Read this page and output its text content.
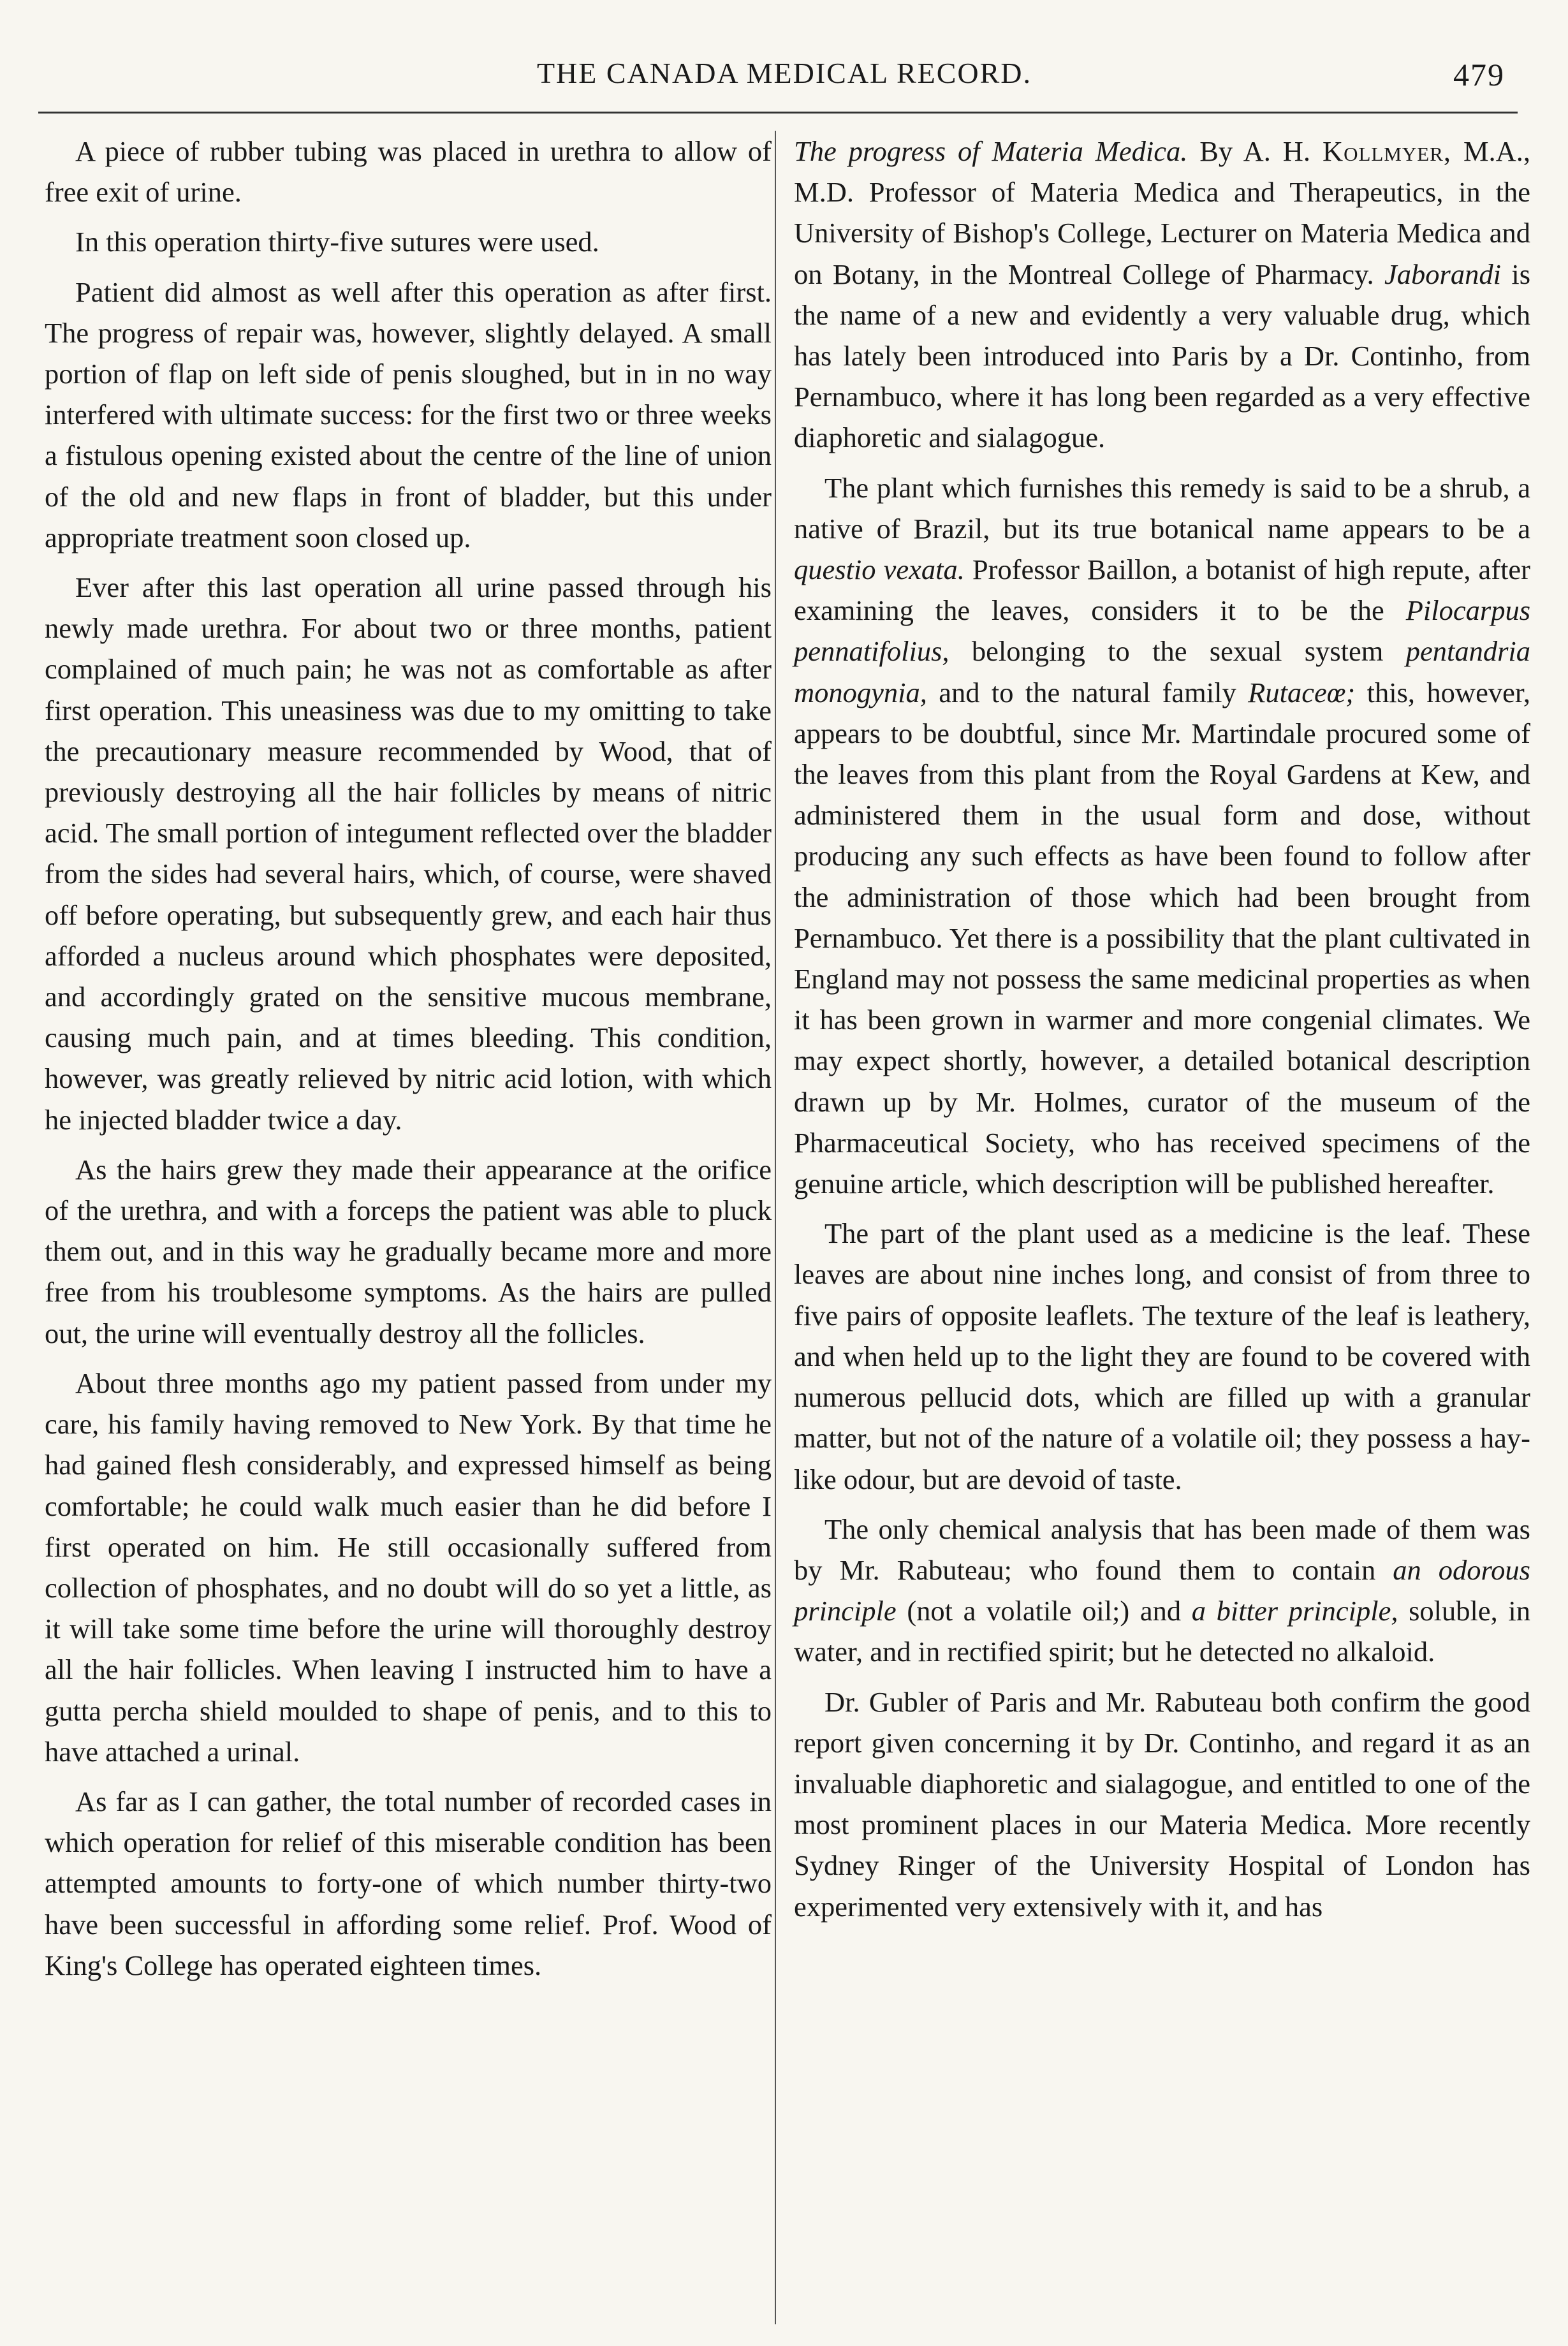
THE CANADA MEDICAL RECORD.	479

A piece of rubber tubing was placed in urethra to allow of free exit of urine.

In this operation thirty-five sutures were used.

Patient did almost as well after this operation as after first. The progress of repair was, however, slightly delayed. A small portion of flap on left side of penis sloughed, but in in no way interfered with ultimate success: for the first two or three weeks a fistulous opening existed about the centre of the line of union of the old and new flaps in front of bladder, but this under appropriate treatment soon closed up.

Ever after this last operation all urine passed through his newly made urethra. For about two or three months, patient complained of much pain; he was not as comfortable as after first operation. This uneasiness was due to my omitting to take the precautionary measure recommended by Wood, that of previously destroying all the hair follicles by means of nitric acid. The small portion of integument reflected over the bladder from the sides had several hairs, which, of course, were shaved off before operating, but subsequently grew, and each hair thus afforded a nucleus around which phosphates were deposited, and accordingly grated on the sensitive mucous membrane, causing much pain, and at times bleeding. This condition, however, was greatly relieved by nitric acid lotion, with which he injected bladder twice a day.

As the hairs grew they made their appearance at the orifice of the urethra, and with a forceps the patient was able to pluck them out, and in this way he gradually became more and more free from his troublesome symptoms. As the hairs are pulled out, the urine will eventually destroy all the follicles.

About three months ago my patient passed from under my care, his family having removed to New York. By that time he had gained flesh considerably, and expressed himself as being comfortable; he could walk much easier than he did before I first operated on him. He still occasionally suffered from collection of phosphates, and no doubt will do so yet a little, as it will take some time before the urine will thoroughly destroy all the hair follicles. When leaving I instructed him to have a gutta percha shield moulded to shape of penis, and to this to have attached a urinal.

As far as I can gather, the total number of recorded cases in which operation for relief of this miserable condition has been attempted amounts to forty-one of which number thirty-two have been successful in affording some relief. Prof. Wood of King's College has operated eighteen times.

The progress of Materia Medica. By A. H. Kollmyer, M.A., M.D. Professor of Materia Medica and Therapeutics, in the University of Bishop's College, Lecturer on Materia Medica and on Botany, in the Montreal College of Pharmacy. Jaborandi is the name of a new and evidently a very valuable drug, which has lately been introduced into Paris by a Dr. Continho, from Pernambuco, where it has long been regarded as a very effective diaphoretic and sialagogue.

The plant which furnishes this remedy is said to be a shrub, a native of Brazil, but its true botanical name appears to be a questio vexata. Professor Baillon, a botanist of high repute, after examining the leaves, considers it to be the Pilocarpus pennatifolius, belonging to the sexual system pentandria monogynia, and to the natural family Rutaceœ; this, however, appears to be doubtful, since Mr. Martindale procured some of the leaves from this plant from the Royal Gardens at Kew, and administered them in the usual form and dose, without producing any such effects as have been found to follow after the administration of those which had been brought from Pernambuco. Yet there is a possibility that the plant cultivated in England may not possess the same medicinal properties as when it has been grown in warmer and more congenial climates. We may expect shortly, however, a detailed botanical description drawn up by Mr. Holmes, curator of the museum of the Pharmaceutical Society, who has received specimens of the genuine article, which description will be published hereafter.

The part of the plant used as a medicine is the leaf. These leaves are about nine inches long, and consist of from three to five pairs of opposite leaflets. The texture of the leaf is leathery, and when held up to the light they are found to be covered with numerous pellucid dots, which are filled up with a granular matter, but not of the nature of a volatile oil; they possess a hay-like odour, but are devoid of taste.

The only chemical analysis that has been made of them was by Mr. Rabuteau; who found them to contain an odorous principle (not a volatile oil;) and a bitter principle, soluble, in water, and in rectified spirit; but he detected no alkaloid.

Dr. Gubler of Paris and Mr. Rabuteau both confirm the good report given concerning it by Dr. Continho, and regard it as an invaluable diaphoretic and sialagogue, and entitled to one of the most prominent places in our Materia Medica. More recently Sydney Ringer of the University Hospital of London has experimented very extensively with it, and has
